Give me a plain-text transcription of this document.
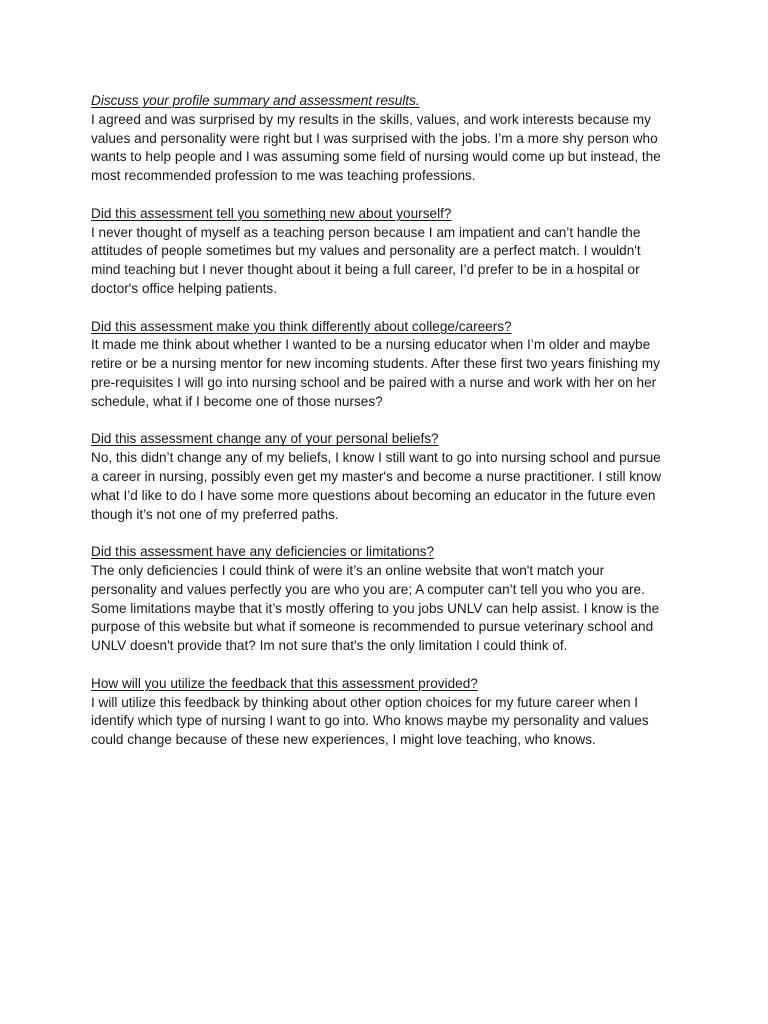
Discuss your profile summary and assessment results.
I agreed and was surprised by my results in the skills, values, and work interests because my
values and personality were right but I was surprised with the jobs. I’m a more shy person who
wants to help people and I was assuming some field of nursing would come up but instead, the
most recommended profession to me was teaching professions.
Did this assessment tell you something new about yourself?
I never thought of myself as a teaching person because I am impatient and can’t handle the
attitudes of people sometimes but my values and personality are a perfect match. I wouldn't
mind teaching but I never thought about it being a full career, I’d prefer to be in a hospital or
doctor's office helping patients.
Did this assessment make you think differently about college/careers?
It made me think about whether I wanted to be a nursing educator when I’m older and maybe
retire or be a nursing mentor for new incoming students. After these first two years finishing my
pre-requisites I will go into nursing school and be paired with a nurse and work with her on her
schedule, what if I become one of those nurses?
Did this assessment change any of your personal beliefs?
No, this didn’t change any of my beliefs, I know I still want to go into nursing school and pursue
a career in nursing, possibly even get my master's and become a nurse practitioner. I still know
what I’d like to do I have some more questions about becoming an educator in the future even
though it’s not one of my preferred paths.
Did this assessment have any deficiencies or limitations?
The only deficiencies I could think of were it’s an online website that won't match your
personality and values perfectly you are who you are; A computer can’t tell you who you are.
Some limitations maybe that it’s mostly offering to you jobs UNLV can help assist. I know is the
purpose of this website but what if someone is recommended to pursue veterinary school and
UNLV doesn't provide that? Im not sure that's the only limitation I could think of.
How will you utilize the feedback that this assessment provided?
I will utilize this feedback by thinking about other option choices for my future career when I
identify which type of nursing I want to go into. Who knows maybe my personality and values
could change because of these new experiences, I might love teaching, who knows.
